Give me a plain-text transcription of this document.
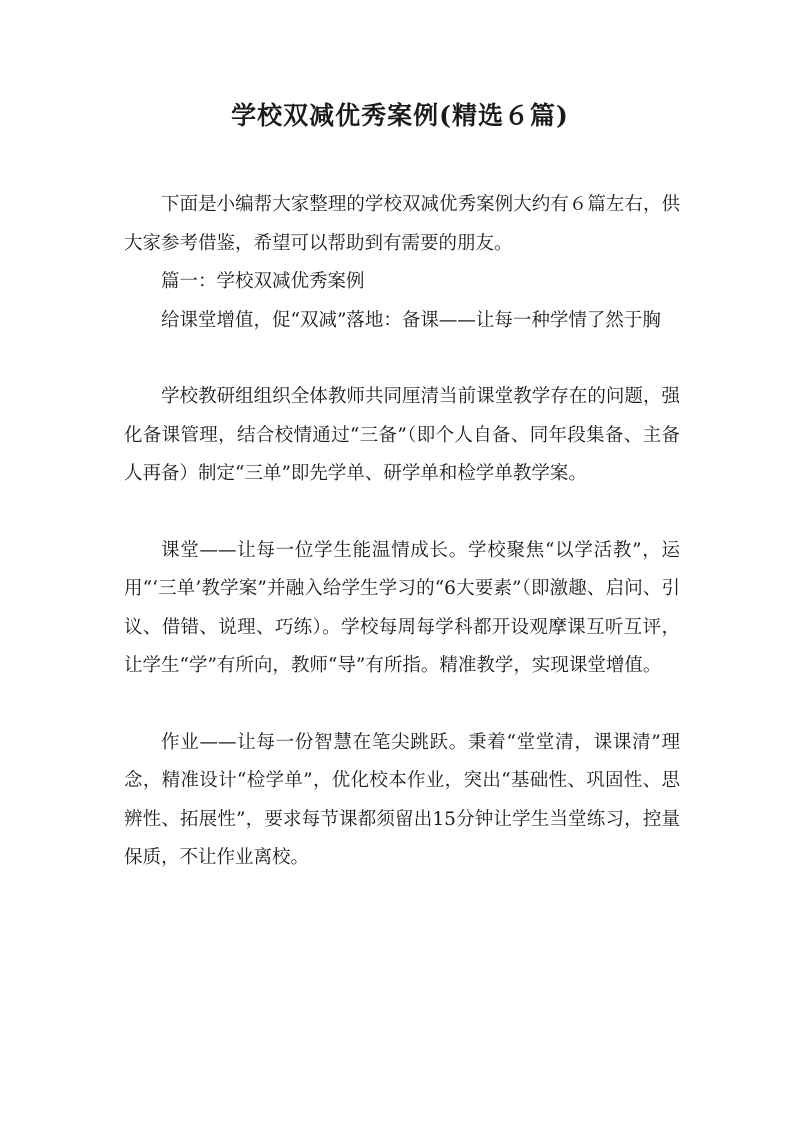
学校双减优秀案例(精选６篇)

下面是小编帮大家整理的学校双减优秀案例大约有６篇左右，供大家参考借鉴，希望可以帮助到有需要的朋友。

篇一：学校双减优秀案例

给课堂增值，促“双减”落地：备课——让每一种学情了然于胸

学校教研组组织全体教师共同厘清当前课堂教学存在的问题，强化备课管理，结合校情通过“三备”（即个人自备、同年段集备、主备人再备）制定“三单”即先学单、研学单和检学单教学案。

课堂——让每一位学生能温情成长。学校聚焦“以学活教”，运用“‘三单’教学案”并融入给学生学习的“6大要素”（即激趣、启问、引议、借错、说理、巧练）。学校每周每学科都开设观摩课互听互评，让学生“学”有所向，教师“导”有所指。精准教学，实现课堂增值。

作业——让每一份智慧在笔尖跳跃。秉着“堂堂清，课课清”理念，精准设计“检学单”，优化校本作业，突出“基础性、巩固性、思辨性、拓展性”，要求每节课都须留出15分钟让学生当堂练习，控量保质，不让作业离校。
